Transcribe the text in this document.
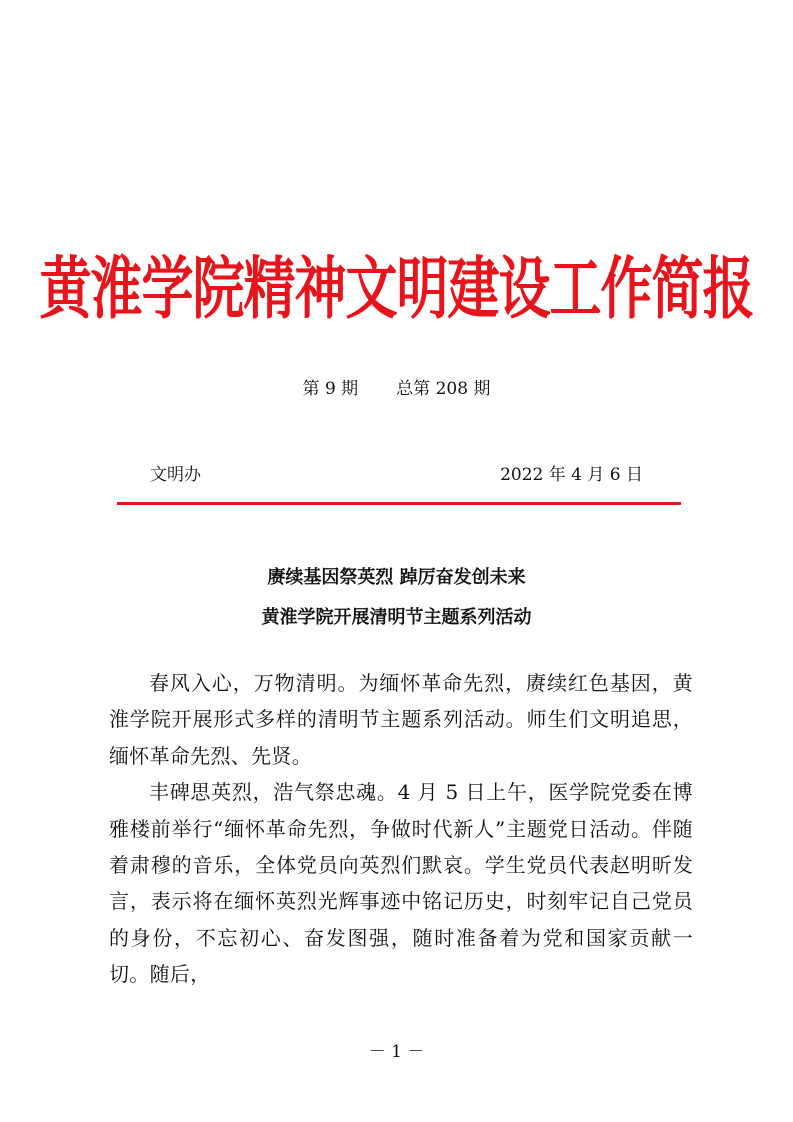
黄淮学院精神文明建设工作简报
第 9 期 总第 208 期
文明办	2022 年 4 月 6 日
赓续基因祭英烈 踔厉奋发创未来
黄淮学院开展清明节主题系列活动

春风入心，万物清明。为缅怀革命先烈，赓续红色基因，黄淮学院开展形式多样的清明节主题系列活动。师生们文明追思，缅怀革命先烈、先贤。

丰碑思英烈，浩气祭忠魂。4 月 5 日上午，医学院党委在博雅楼前举行“缅怀革命先烈，争做时代新人”主题党日活动。伴随着肃穆的音乐，全体党员向英烈们默哀。学生党员代表赵明昕发言，表示将在缅怀英烈光辉事迹中铭记历史，时刻牢记自己党员的身份，不忘初心、奋发图强，随时准备着为党和国家贡献一切。随后，

－ 1 －
